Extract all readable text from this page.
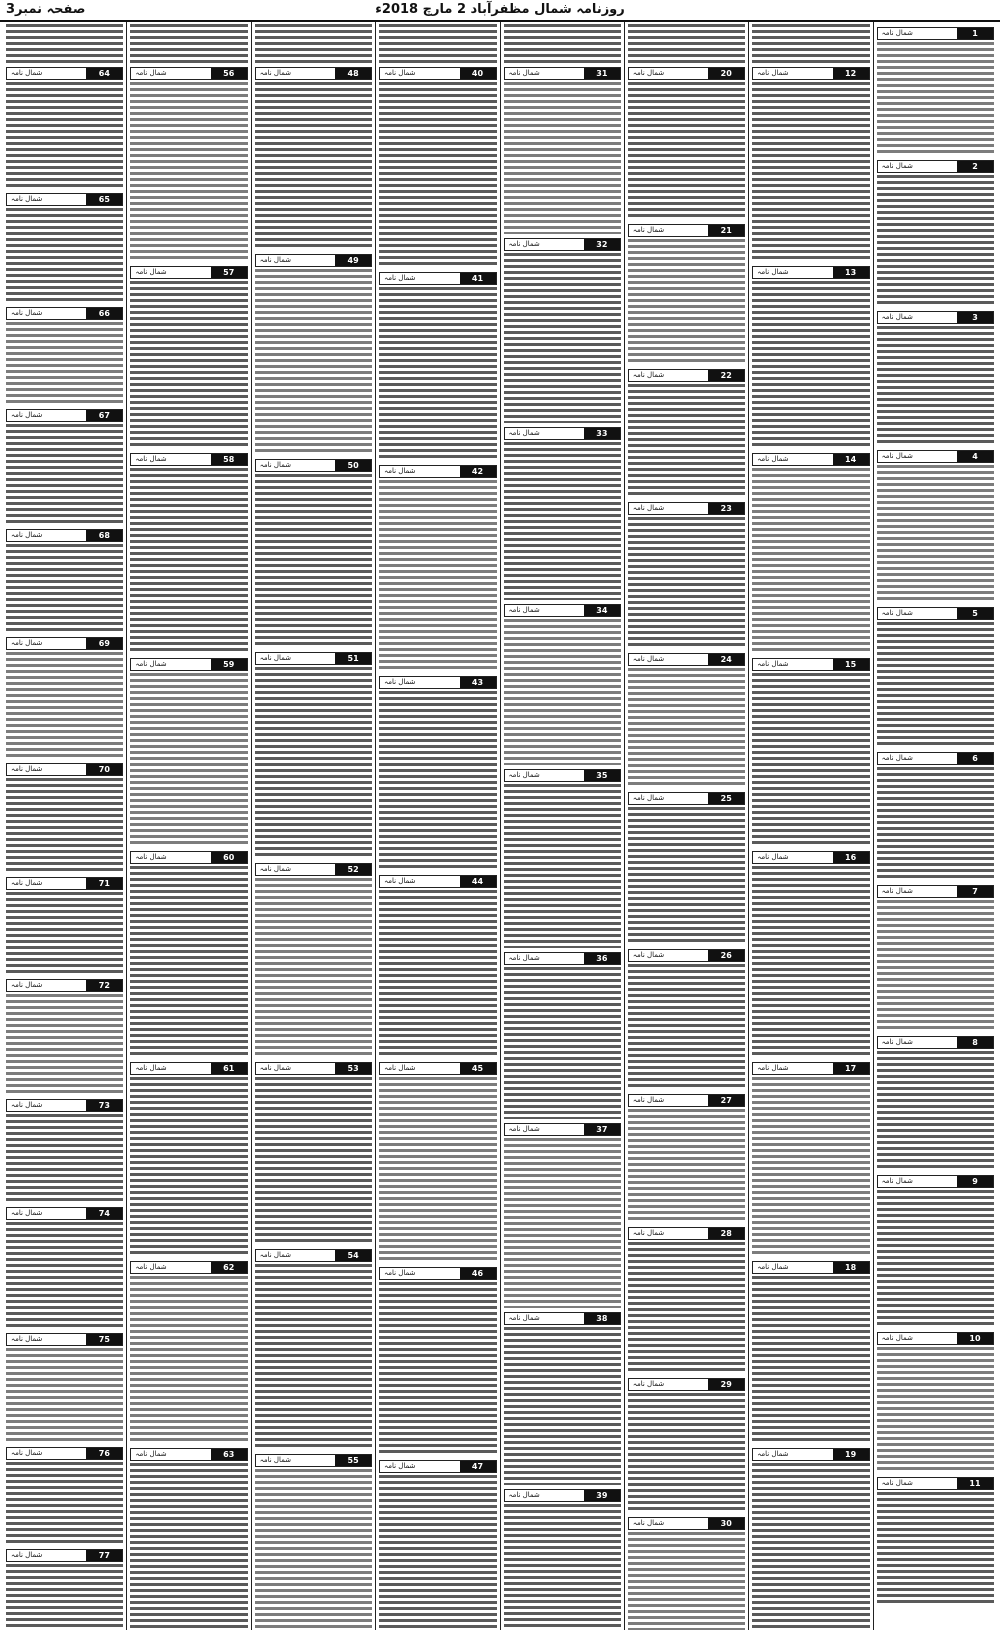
روزنامہ شمال مظفرآباد 2 مارچ 2018ء
صفحہ نمبر3
1
شمال نامہ
2
شمال نامہ
3
شمال نامہ
4
شمال نامہ
5
شمال نامہ
6
شمال نامہ
7
شمال نامہ
8
شمال نامہ
9
شمال نامہ
10
شمال نامہ
11
شمال نامہ
12
شمال نامہ
13
شمال نامہ
14
شمال نامہ
15
شمال نامہ
16
شمال نامہ
17
شمال نامہ
18
شمال نامہ
19
شمال نامہ
20
شمال نامہ
21
شمال نامہ
22
شمال نامہ
23
شمال نامہ
24
شمال نامہ
25
شمال نامہ
26
شمال نامہ
27
شمال نامہ
28
شمال نامہ
29
شمال نامہ
30
شمال نامہ
31
شمال نامہ
32
شمال نامہ
33
شمال نامہ
34
شمال نامہ
35
شمال نامہ
36
شمال نامہ
37
شمال نامہ
38
شمال نامہ
39
شمال نامہ
40
شمال نامہ
41
شمال نامہ
42
شمال نامہ
43
شمال نامہ
44
شمال نامہ
45
شمال نامہ
46
شمال نامہ
47
شمال نامہ
48
شمال نامہ
49
شمال نامہ
50
شمال نامہ
51
شمال نامہ
52
شمال نامہ
53
شمال نامہ
54
شمال نامہ
55
شمال نامہ
56
شمال نامہ
57
شمال نامہ
58
شمال نامہ
59
شمال نامہ
60
شمال نامہ
61
شمال نامہ
62
شمال نامہ
63
شمال نامہ
64
شمال نامہ
65
شمال نامہ
66
شمال نامہ
67
شمال نامہ
68
شمال نامہ
69
شمال نامہ
70
شمال نامہ
71
شمال نامہ
72
شمال نامہ
73
شمال نامہ
74
شمال نامہ
75
شمال نامہ
76
شمال نامہ
77
شمال نامہ
